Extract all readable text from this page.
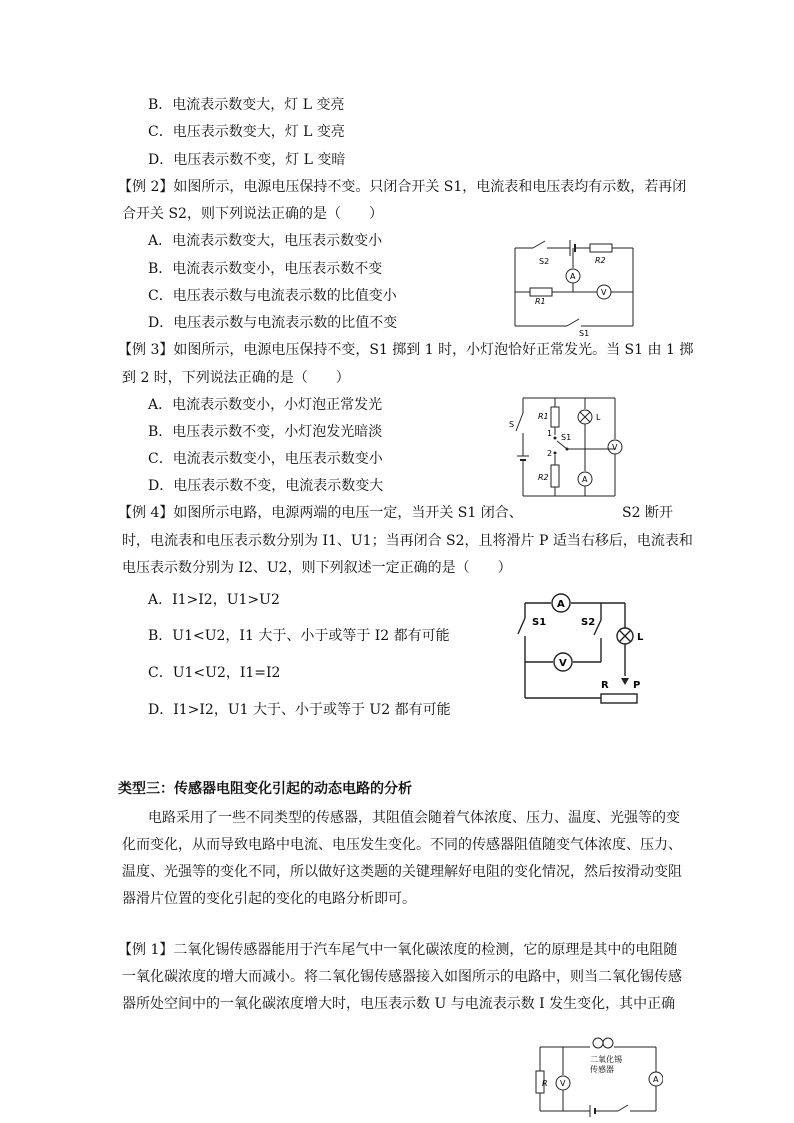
B．电流表示数变大，灯 L 变亮
C．电压表示数变大，灯 L 变亮
D．电压表示数不变，灯 L 变暗
【例 2】如图所示，电源电压保持不变。只闭合开关 S1，电流表和电压表均有示数，若再闭
合开关 S2，则下列说法正确的是（　　）
A．电流表示数变大，电压表示数变小
B．电流表示数变小，电压表示数不变
C．电压表示数与电流表示数的比值变小
D．电压表示数与电流表示数的比值不变
S2	R2
A
R1
V
S1
【例 3】如图所示，电源电压保持不变，S1 掷到 1 时，小灯泡恰好正常发光。当 S1 由 1 掷
到 2 时，下列说法正确的是（　　）
A．电流表示数变小，小灯泡正常发光
B．电压表示数不变，小灯泡发光暗淡
C．电流表示数变小，电压表示数变小
D．电压表示数不变，电流表示数变大
S
R1	L
1 S1
2
V
A
R2
【例 4】如图所示电路，电源两端的电压一定，当开关 S1 闭合、	S2 断开
时，电流表和电压表示数分别为 I1、U1；当再闭合 S2，且将滑片 P 适当右移后，电流表和
电压表示数分别为 I2、U2，则下列叙述一定正确的是（　　）
A．I1>I2，U1>U2
B．U1<U2，I1 大于、小于或等于 I2 都有可能
C．U1<U2，I1=I2
D．I1>I2，U1 大于、小于或等于 U2 都有可能
A
S1	S2
L
V
R P
类型三：传感器电阻变化引起的动态电路的分析
电路采用了一些不同类型的传感器，其阻值会随着气体浓度、压力、温度、光强等的变
化而变化，从而导致电路中电流、电压发生变化。不同的传感器阻值随变气体浓度、压力、
温度、光强等的变化不同，所以做好这类题的关键理解好电阻的变化情况，然后按滑动变阻
器滑片位置的变化引起的变化的电路分析即可。
【例 1】二氧化锡传感器能用于汽车尾气中一氧化碳浓度的检测，它的原理是其中的电阻随
一氧化碳浓度的增大而减小。将二氧化锡传感器接入如图所示的电路中，则当二氧化锡传感
器所处空间中的一氧化碳浓度增大时，电压表示数 U 与电流表示数 I 发生变化，其中正确
二氧化锡
传感器
R V	A
